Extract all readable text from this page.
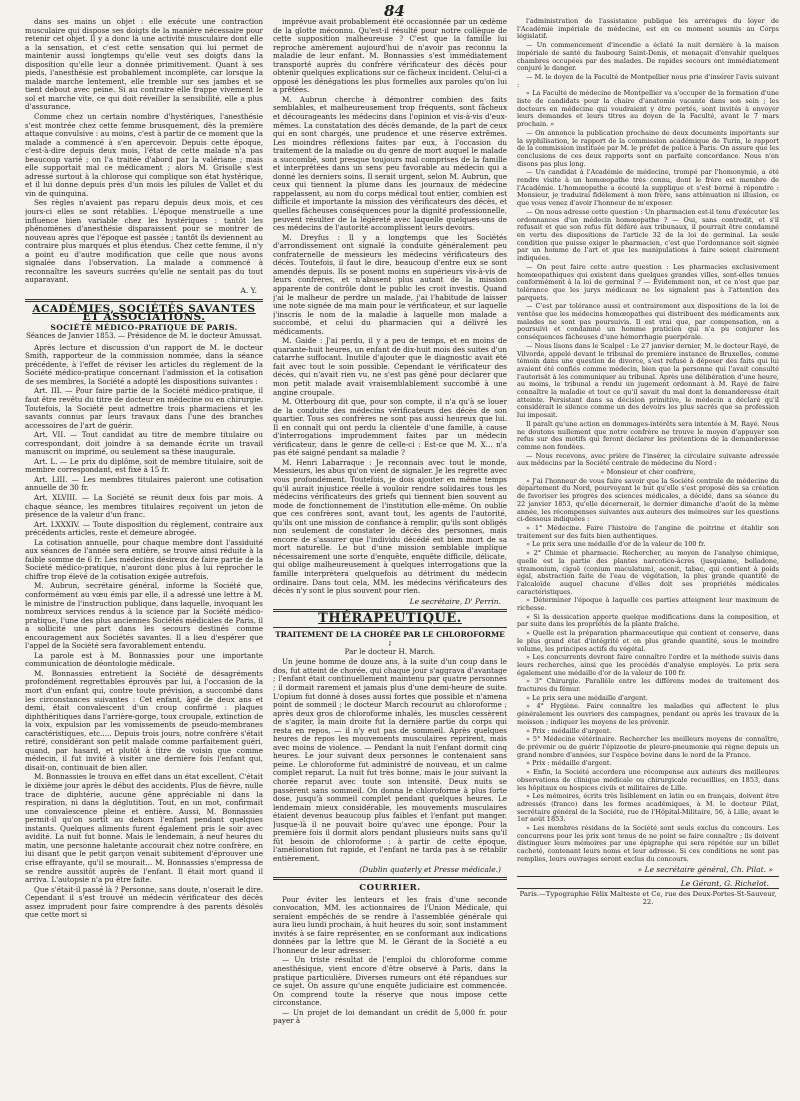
84

dans ses mains un objet : elle exécute une contraction musculaire qui dispose ses doigts de la manière nécessaire pour retenir cet objet. Il y a donc là une activité musculaire dont elle a la sensation, et c'est cette sensation qui lui permet de maintenir aussi longtemps qu'elle veut ses doigts dans la disposition qu'elle leur a donnée primitivement. Quant à ses pieds, l'anesthésie est probablement incomplète, car lorsque la malade marche lentement, elle tremble sur ses jambes et se tient debout avec peine. Si au contraire elle frappe vivement le sol et marche vite, ce qui doit réveiller la sensibilité, elle a plus d'assurance.

Comme chez un certain nombre d'hystériques, l'anesthésie s'est montrée chez cette femme brusquement, dès la première attaque convulsive : au moins, c'est à partir de ce moment que la malade a commencé à s'en apercevoir. Depuis cette époque, c'est-à-dire depuis deux mois, l'état de cette malade n'a pas beaucoup varié ; on l'a traitée d'abord par la valériane ; mais elle supportait mal ce médicament ; alors M. Grisolle s'est adressé surtout à la chlorose qui complique son état hystérique, et il lui donne depuis près d'un mois les pilules de Vallet et du vin de quinquina.

Ses règles n'avaient pas reparu depuis deux mois, et ces jours-ci elles se sont rétablies. L'époque menstruelle a une influence bien variable chez les hystériques : tantôt les phénomènes d'anesthésie disparaissent pour se montrer de nouveau après que l'époque est passée ; tantôt ils deviennent au contraire plus marqués et plus étendus. Chez cette femme, il n'y a point eu d'autre modification que celle que nous avons signalée dans l'observation. La malade a commencé à reconnaître les saveurs sucrées qu'elle ne sentait pas du tout auparavant.

A. Y.
ACADÉMIES, SOCIÉTÉS SAVANTES ET ASSOCIATIONS.
SOCIÉTÉ MÉDICO-PRATIQUE DE PARIS.
Séances de Janvier 1853. — Présidence de M. le docteur Amussat.

Après lecture et discussion d'un rapport de M. le docteur Smith, rapporteur de la commission nommée, dans la séance précédente, à l'effet de réviser les articles du règlement de la Société médico-pratique concernant l'admission et la cotisation de ses membres, la Société a adopté les dispositions suivantes :

Art. III. — Pour faire partie de la Société médico-pratique, il faut être revêtu du titre de docteur en médecine ou en chirurgie. Toutefois, la Société peut admettre trois pharmaciens et les savants connus par leurs travaux dans l'une des branches accessoires de l'art de guérir.

Art. VII. — Tout candidat au titre de membre titulaire ou correspondant, doit joindre à sa demande écrite un travail manuscrit ou imprimé, ou seulement sa thèse inaugurale.

Art. L. — Le prix du diplôme, soit de membre titulaire, soit de membre correspondant, est fixé à 15 fr.

Art. LIII. — Les membres titulaires paieront une cotisation annuelle de 30 fr.

Art. XLVIII. — La Société se réunit deux fois par mois. A chaque séance, les membres titulaires reçoivent un jeton de présence de la valeur d'un franc.

Art. LXXXIV. — Toute disposition du règlement, contraire aux précédents articles, reste et demeure abrogée.

La cotisation annuelle, pour chaque membre dont l'assiduité aux séances de l'année sera entière, se trouve ainsi réduite à la faible somme de 6 fr. Les médecins désireux de faire partie de la Société médico-pratique, n'auront donc plus à lui reprocher le chiffre trop élevé de la cotisation exigée autrefois.

M. Aubrun, secrétaire général, informe la Société que, conformément au vœu émis par elle, il a adressé une lettre à M. le ministre de l'instruction publique, dans laquelle, invoquant les nombreux services rendus à la science par la Société médico-pratique, l'une des plus anciennes Sociétés médicales de Paris, il a sollicité une part dans les secours destinés comme encouragement aux Sociétés savantes. Il a lieu d'espérer que l'appel de la Société sera favorablement entendu.

La parole est à M. Bonnassies pour une importante communication de déontologie médicale.

M. Bonnassies entretient la Société de désagréments profondément regrettables éprouvés par lui, à l'occasion de la mort d'un enfant qui, contre toute prévision, a succombé dans les circonstances suivantes : Cet enfant, âgé de deux ans et demi, était convalescent d'un croup confirmé : plaques diphthéritiques dans l'arrière-gorge, toux croupale, extinction de la voix, expulsion par les vomissements de pseudo-membranes caractéristiques, etc..... Depuis trois jours, notre confrère s'était retiré, considérant son petit malade comme parfaitement guéri, quand, par hasard, et plutôt à titre de voisin que comme médecin, il fut invité à visiter une dernière fois l'enfant qui, disait-on, continuait de bien aller.

M. Bonnassies le trouva en effet dans un état excellent. C'était le dixième jour après le début des accidents. Plus de fièvre, nulle trace de diphtérie, aucune gêne appréciable ni dans la respiration, ni dans la déglutition. Tout, en un mot, confirmait une convalescence pleine et entière. Aussi, M. Bonnassies permit-il qu'on sortît au dehors l'enfant pendant quelques instants. Quelques aliments furent également pris le soir avec avidité. La nuit fut bonne. Mais le lendemain, à neuf heures du matin, une personne haletante accourait chez notre confrère, en lui disant que le petit garçon venait subitement d'éprouver une crise effrayante, qu'il se mourait... M. Bonnassies s'empressa de se rendre aussitôt auprès de l'enfant. Il était mort quand il arriva. L'autopsie n'a pu être faite.

Que s'était-il passé là ? Personne, sans doute, n'oserait le dire. Cependant il s'est trouvé un médecin vérificateur des décès assez imprudent pour faire comprendre à des parents désolés que cette mort si

imprévue avait probablement été occasionnée par un œdème de la glotte méconnu. Qu'est-il résulté pour notre collègue de cette supposition malheureuse ? C'est que la famille lui reproche amèrement aujourd'hui de n'avoir pas reconnu la maladie de leur enfant. M. Bonnassies s'est immédiatement transporté auprès du confrère vérificateur des décès pour obtenir quelques explications sur ce fâcheux incident. Celui-ci a opposé les dénégations les plus formelles aux paroles qu'on lui a prêtées.

M. Aubrun cherche à démontrer combien des faits semblables, et malheureusement trop fréquents, sont fâcheux et décourageants les médecins dans l'opinion et vis-à-vis d'eux-mêmes. La constatation des décès demande, de la part de ceux qui en sont chargés, une prudence et une réserve extrêmes. Les moindres réflexions faites par eux, à l'occasion du traitement de la maladie ou du genre de mort auquel le malade a succombé, sont presque toujours mal comprises de la famille et interprétées dans un sens peu favorable au médecin qui a donné les derniers soins. Il serait urgent, selon M. Aubrun, que ceux qui tiennent la plume dans les journaux de médecine rappelassent, au nom du corps médical tout entier, combien est difficile et importante la mission des vérificateurs des décès, et quelles fâcheuses conséquences pour la dignité professionnelle, peuvent résulter de la légèreté avec laquelle quelques-uns de ces médecins de l'autorité accomplissent leurs devoirs.

M. Dreyfus : Il y a longtemps que les Sociétés d'arrondissement ont signalé la conduite généralement peu confraternelle de messieurs les médecins vérificateurs des décès. Toutefois, il faut le dire, beaucoup d'entre eux se sont amendés depuis. Ils se posent moins en supérieurs vis-à-vis de leurs confrères, et n'abusent plus autant de la mission apparente de contrôle dont le public les croit investis. Quand j'ai le malheur de perdre un malade, j'ai l'habitude de laisser une note signée de ma main pour le vérificateur, et sur laquelle j'inscris le nom de la maladie à laquelle mon malade a succombé, et celui du pharmacien qui a délivré les médicaments.

M. Gaide : J'ai perdu, il y a peu de temps, et en moins de quarante-huit heures, un enfant de dix-huit mois des suites d'un catarrhe suffocant. Inutile d'ajouter que le diagnostic avait été fait avec tout le soin possible. Cependant le vérificateur des décès, qui n'avait rien vu, ne s'est pas gêné pour déclarer que mon petit malade avait vraisemblablement succombé à une angine croupale.

M. Otterbourg dit que, pour son compte, il n'a qu'à se louer de la conduite des médecins vérificateurs des décès de son quartier. Tous ses confrères ne sont pas aussi heureux que lui. Il en connaît qui ont perdu la clientèle d'une famille, à cause d'interrogations imprudemment faites par un médecin vérificateur, dans le genre de celle-ci : Est-ce que M. X... n'a pas été saigné pendant sa maladie ?

M. Henri Labarraque : Je reconnais avec tout le monde, Messieurs, les abus qu'on vient de signaler. Je les regrette avec vous profondément. Toutefois, je dois ajouter en même temps qu'il aurait injustice réelle à vouloir rendre solidaires tous les médecins vérificateurs des griefs qui tiennent bien souvent au mode de fonctionnement de l'institution elle-même. On oublie que ces confrères sont, avant tout, les agents de l'autorité, qu'ils ont une mission de confiance à remplir, qu'ils sont obligés non seulement de constater le décès des personnes, mais encore de s'assurer que l'individu décédé est bien mort de sa mort naturelle. Le but d'une mission semblable implique nécessairement une sorte d'enquête, enquête difficile, délicate, qui oblige malheureusement à quelques interrogations que la famille interprètera quelquefois au détriment du médecin ordinaire. Dans tout cela, MM. les médecins vérificateurs des décès n'y sont le plus souvent pour rien.

Le secrétaire, D' Perrin.
THÉRAPEUTIQUE.

TRAITEMENT DE LA CHORÉE PAR LE CHLOROFORME ;

Par le docteur H. March.

Un jeune homme de douze ans, à la suite d'un coup dans le dos, fut atteint de chorée, qui chaque jour s'aggrava d'avantage ; l'enfant était continuellement maintenu par quatre personnes ; il dormait rarement et jamais plus d'une demi-heure de suite. L'opium fut donné à doses aussi fortes que possible et n'amena point de sommeil ; le docteur March recourut au chloroforme ; après deux gros de chloroforme inhalés, les muscles cessèrent de s'agiter, la main droite fut la dernière partie du corps qui resta en repos, — il n'y eut pas de sommeil. Après quelques heures de repos les mouvements musculaires reprirent, mais avec moins de violence. — Pendant la nuit l'enfant dormit cinq heures. Le jour suivant deux personnes le contenaient sans peine. Le chloroforme fut administré de nouveau, et un calme complet reparut. La nuit fut très bonne, mais le jour suivant la chorée reparut avec toute son intensité. Deux nuits se passèrent sans sommeil. On donna le chloroforme à plus forte dose, jusqu'à sommeil complet pendant quelques heures. Le lendemain mieux considérable, les mouvements musculaires étaient devenus beaucoup plus faibles et l'enfant put manger. Jusque-là il ne pouvait boire qu'avec une éponge. Pour la première fois il dormit alors pendant plusieurs nuits sans qu'il fût besoin de chloroforme : à partir de cette époque, l'amélioration fut rapide, et l'enfant ne tarda pas à se rétablir entièrement.

(Dublin quaterly et Presse médicale.)
COURRIER.

Pour éviter les lenteurs et les frais d'une seconde convocation, MM. les actionnaires de l'Union Médicale, qui seraient empêchés de se rendre à l'assemblée générale qui aura lieu lundi prochain, à huit heures du soir, sont instamment invités à se faire représenter, en se conformant aux indications données par la lettre que M. le Gérant de la Société a eu l'honneur de leur adresser.

— Un triste résultat de l'emploi du chloroforme comme anesthésique, vient encore d'être observé à Paris, dans la pratique particulière. Diverses rumeurs ont été répandues sur ce sujet. On assure qu'une enquête judiciaire est commencée. On comprend toute la réserve que nous impose cette circonstance.

— Un projet de loi demandant un crédit de 5,000 fr. pour payer à

l'administration de l'assistance publique les arrérages du loyer de l'Académie impériale de médecine, est en ce moment soumis au Corps législatif.

— Un commencement d'incendie a éclaté la nuit dernière à la maison impériale de santé du faubourg Saint-Denis, et menaçait d'envahir quelques chambres occupées par des malades. De rapides secours ont immédiatement conjuré le danger.

— M. le doyen de la Faculté de Montpellier nous prie d'insérer l'avis suivant :

« La Faculté de médecine de Montpellier va s'occuper de la formation d'une liste de candidats pour la chaire d'anatomie vacante dans son sein ; les docteurs en médecine qui voudraient y être portés, sont invités à envoyer leurs demandes et leurs titres au doyen de la Faculté, avant le 7 mars prochain. »

— On annonce la publication prochaine de deux documents importants sur la syphilisation, le rapport de la commission académique de Turin, le rapport de la commission instituée par M. le préfet de police à Paris. On assure que les conclusions de ces deux rapports sont en parfaite concordance. Nous n'en disons pas plus long.

— Un candidat à l'Académie de médecine, trompé par l'homonymie, a été rendre visite à un homœopathe très connu, dont le frère est membre de l'Académie. L'homœopathe a écouté la supplique et s'est borné à répondre : Monsieur, je traduirai fidèlement à mon frère, sans atténuation ni illusion, ce que vous venez d'avoir l'honneur de m'exposer.

— On nous adresse cette question : Un pharmacien est-il tenu d'exécuter les ordonnances d'un médecin homœopathe ? — Oui, sans contredit, et s'il refusait et que son refus fût déféré aux tribunaux, il pourrait être condamné en vertu des dispositions de l'article 32 de la loi de germinal. La seule condition que puisse exiger le pharmacien, c'est que l'ordonnance soit signée par un homme de l'art et que les manipulations à faire soient clairement indiquées.

— On peut faire cette autre question : Les pharmacies exclusivement homœopathiques qui existent dans quelques grandes villes, sont-elles tenues conformément à la loi de germinal ? — Évidemment non, et ce n'est que par tolérance que les jurys médicaux ne les signalent pas à l'attention des parquets.

— C'est par tolérance aussi et contrairement aux dispositions de la loi de ventôse que les médecins homœopathes qui distribuent des médicaments aux malades ne sont pas poursuivis. Il est vrai que, par compensation, on a poursuivi et condamné un homme praticien qui n'a pu conjurer les conséquences fâcheuses d'une hémorrhagie puerpérale.

— Nous lisons dans le Scalpel : Le 27 janvier dernier, M. le docteur Rayé, de Vilvorde, appelé devant le tribunal de première instance de Bruxelles, comme témoin dans une question de divorce, s'est refusé à déposer des faits qui lui avaient été confiés comme médecin, bien que la personne qui l'avait consulté l'autorisât à les communiquer au tribunal. Après une délibération d'une heure, au moins, le tribunal a rendu un jugement ordonnant à M. Rayé de faire connaître la maladie et tout ce qu'il savait du mal dont la demanderesse était atteinte. Persistant dans sa décision primitive, le médecin a déclaré qu'il considérait le silence comme un des devoirs les plus sacrés que sa profession lui imposait.

Il paraît qu'une action en dommages-intérêts sera intentée à M. Rayé. Nous ne doutons nullement que notre confrère ne trouve le moyen d'appuyer son refus sur des motifs qui feront déclarer les prétentions de la demanderesse comme non fondées.

— Nous recevons, avec prière de l'insérer, la circulaire suivante adressée aux médecins par la Société centrale de médecine du Nord :

« Monsieur et cher confrère,

» J'ai l'honneur de vous faire savoir que la Société centrale de médecine du département du Nord, pourvoyant le but qu'elle s'est proposé dès sa création de favoriser les progrès des sciences médicales, a décidé, dans sa séance du 22 janvier 1853, qu'elle décernerait, le dernier dimanche d'août de la même année, les récompenses suivantes aux auteurs des mémoires sur les questions ci-dessous indiquées :

» 1° Médecine. Faire l'histoire de l'angine de poitrine et établir son traitement sur des faits bien authentiques.

» Le prix sera une médaille d'or de la valeur de 100 fr.

» 2° Chimie et pharmacie. Rechercher, au moyen de l'analyse chimique, quelle est la partie des plantes narcotico-âcres (jusquiame, belladone, stramonium, ciguë (conium maculatum), aconit, tabac, qui contient à poids égal, abstraction faite de l'eau de végétation, la plus grande quantité de l'alcaloïde auquel chacune d'elles doit ses propriétés médicales caractéristiques.

» Déterminer l'époque à laquelle ces parties atteignent leur maximum de richesse.

» Si la dessication apporte quelque modifications dans la composition, et par suite dans les propriétés de la plante fraîche.

» Quelle est la préparation pharmaceutique qui contient et conserve, dans le plus grand état d'intégrité et en plus grande quantité, sous le moindre volume, les principes actifs du végétal.

» Les concurrents devront faire connaître l'ordre et la méthode suivis dans leurs recherches, ainsi que les procédés d'analyse employés. Le prix sera également une médaille d'or de la valeur de 100 fr.

» 3° Chirurgie. Parallèle entre les différens modes de traitement des fractures du fémur.

» Le prix sera une médaille d'argent.

» 4° Hygiène. Faire connaître les maladies qui affectent le plus généralement les ouvriers des campagnes, pendant ou après les travaux de la moisson ; indiquer les moyens de les prévenir.

» Prix : médaille d'argent.

» 5° Médecine vétérinaire. Rechercher les meilleurs moyens de connaître, de prévenir ou de guérir l'épizootie de pleuro-pneumonie qui règne depuis un grand nombre d'années, sur l'espèce bovine dans le nord de la France.

» Prix : médaille d'argent.

» Enfin, la Société accordera une récompense aux auteurs des meilleures observations de clinique médicale ou chirurgicale recueillies, en 1853, dans les hôpitaux ou hospices civils et militaires de Lille.

» Les mémoires, écrits très lisiblement en latin ou en français, doivent être adressés (franco) dans les formes académiques, à M. le docteur Pilat, secrétaire général de la Société, rue de l'Hôpital-Militaire, 56, à Lille, avant le 1er août 1853.

» Les membres résidans de la Société sont seuls exclus du concours. Les concurrens pour les prix sont tenus de ne point se faire connaître ; ils doivent distinguer leurs mémoires par une épigraphe qui sera répétée sur un billet cacheté, contenant leurs noms et leur adresse. Si ces conditions ne sont pas remplies, leurs ouvrages seront exclus du concours.

» Le secrétaire général, Ch. Pilat. »
Le Gérant, G. Richelot.
Paris.—Typographie Félix Malteste et Ce, rue des Deux-Portes-St-Sauveur, 22.
